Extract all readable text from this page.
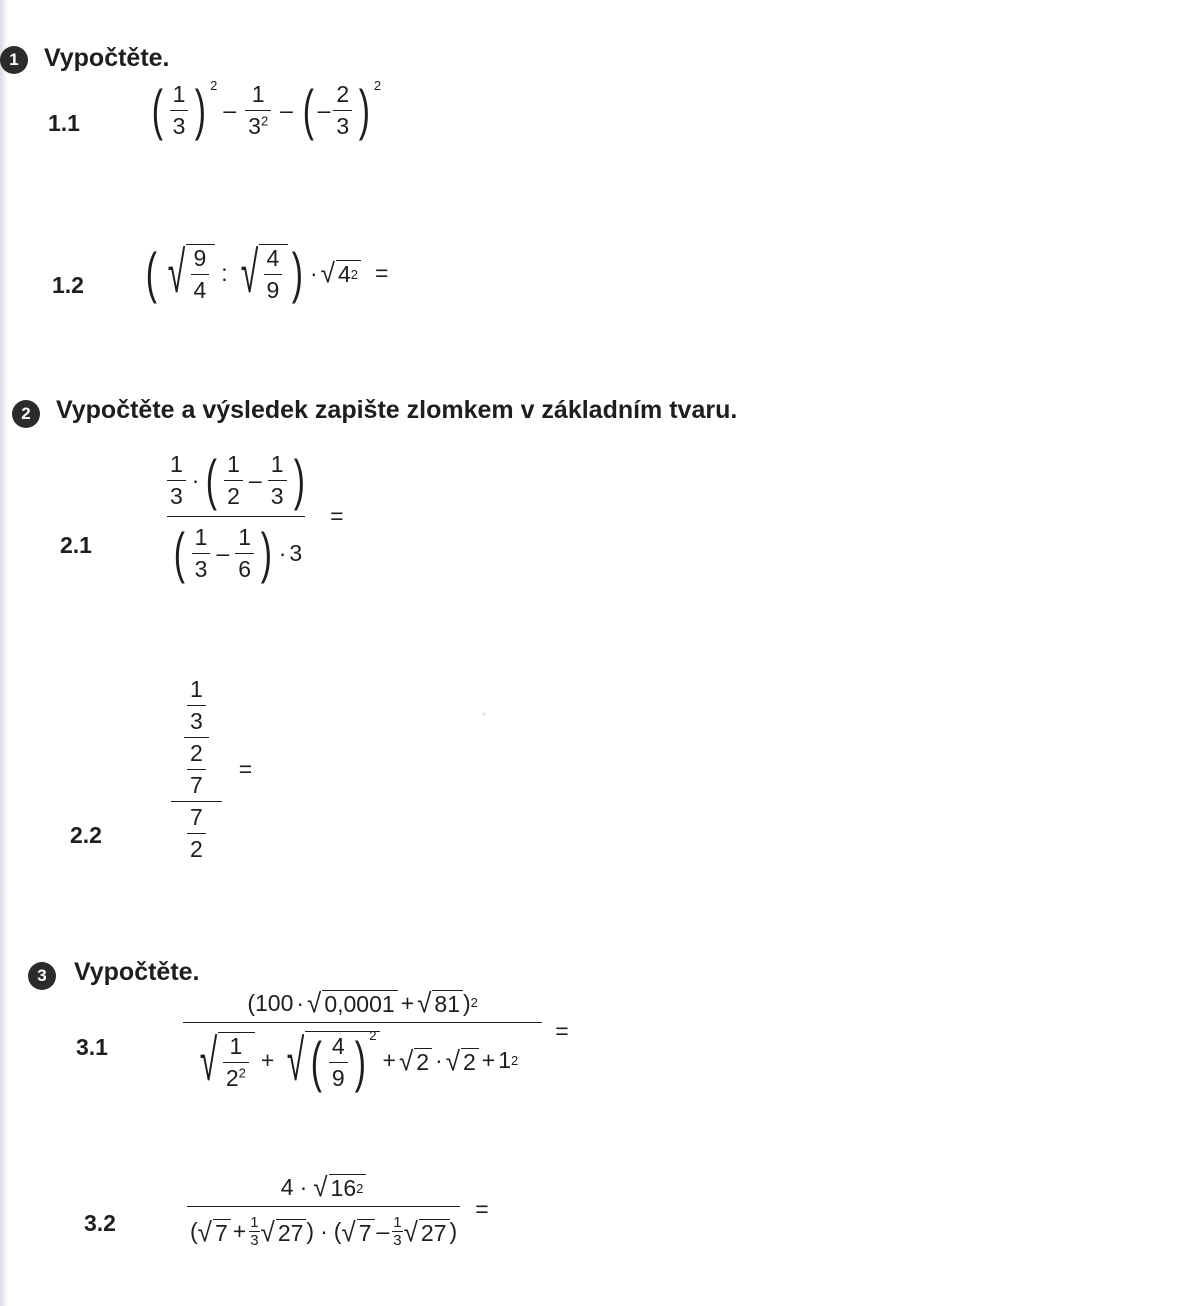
1	Vypočtěte.
1.1 ( $\frac{1}{3}$ ) 2
– $\frac{1}{3^2}$ – ( – $\frac{2}{3}$ ) 2
1.2 ( √ $\frac{9}{4}$ : √ $\frac{4}{9}$ ) · √ 4 2 =
2	Vypočtěte a výsledek zapište zlomkem v základním tvaru.
2.1
$\frac{1}{3}$ · ( $\frac{1}{2} - \frac{1}{3}$ )
( $\frac{1}{3} - \frac{1}{6}$ ) · 3
=
2.2	$\frac{\frac{\frac{1}{3}}{\frac{2}{7}}}{\frac{7}{2}}$ =
3	Vypočtěte.
3.1
( 100 · √ 0,0001 + √ 81 ) 2
√ $\frac{1}{2^2}$ + √ ( $\frac{4}{9}$ ) 2
+ √ 2 · √ 2 + 1 2
=
3.2
4 · √ 16 2
( √ $7 + \frac{1}{3}$ √ 27 ) · ( √ $7 - \frac{1}{3}$ √ 27 )
=
